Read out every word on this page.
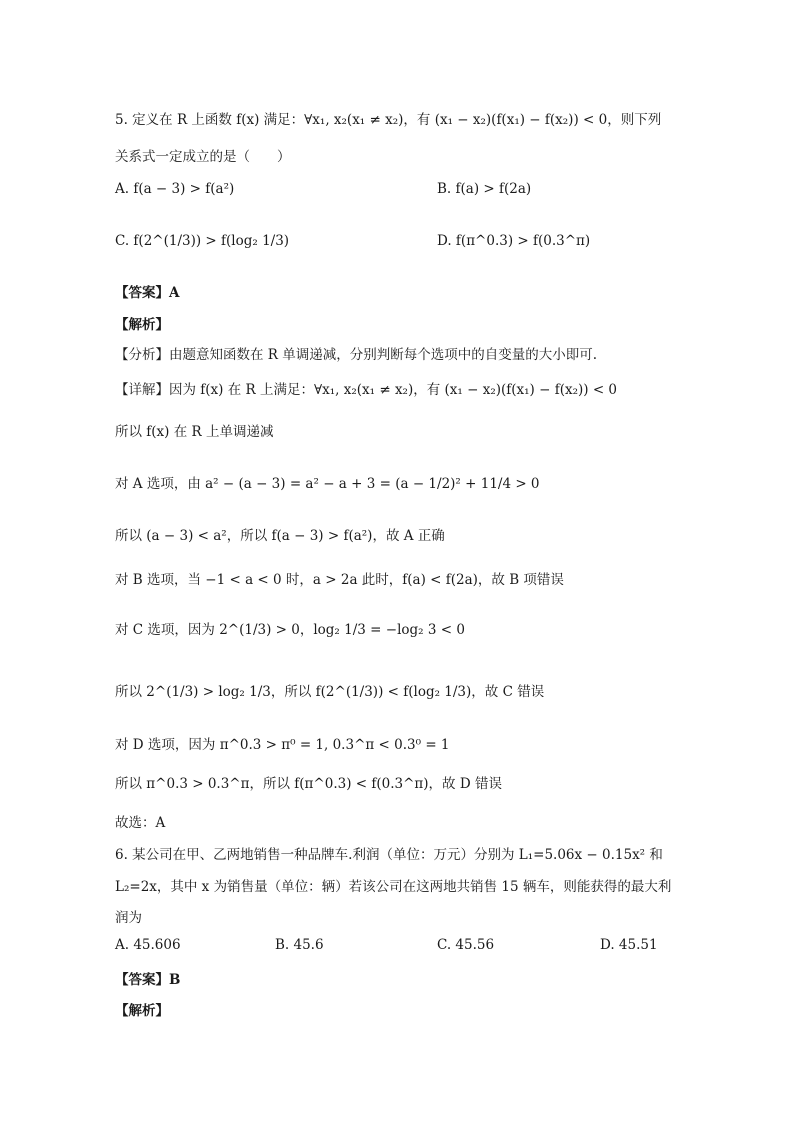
5. 定义在 R 上函数 f(x) 满足：∀x₁, x₂(x₁ ≠ x₂)，有 (x₁ − x₂)(f(x₁) − f(x₂)) < 0，则下列
关系式一定成立的是（　　）
A. f(a − 3) > f(a²)	B. f(a) > f(2a)
C. f(2^(1/3)) > f(log₂ 1/3)	D. f(π^0.3) > f(0.3^π)
【答案】A
【解析】
【分析】由题意知函数在 R 单调递减，分别判断每个选项中的自变量的大小即可.
【详解】因为 f(x) 在 R 上满足：∀x₁, x₂(x₁ ≠ x₂)，有 (x₁ − x₂)(f(x₁) − f(x₂)) < 0
所以 f(x) 在 R 上单调递减
对 A 选项，由 a² − (a − 3) = a² − a + 3 = (a − 1/2)² + 11/4 > 0
所以 (a − 3) < a²，所以 f(a − 3) > f(a²)，故 A 正确
对 B 选项，当 −1 < a < 0 时，a > 2a 此时，f(a) < f(2a)，故 B 项错误
对 C 选项，因为 2^(1/3) > 0，log₂ 1/3 = −log₂ 3 < 0
所以 2^(1/3) > log₂ 1/3，所以 f(2^(1/3)) < f(log₂ 1/3)，故 C 错误
对 D 选项，因为 π^0.3 > π⁰ = 1, 0.3^π < 0.3⁰ = 1
所以 π^0.3 > 0.3^π，所以 f(π^0.3) < f(0.3^π)，故 D 错误
故选：A
6. 某公司在甲、乙两地销售一种品牌车.利润（单位：万元）分别为 L₁=5.06x − 0.15x² 和
L₂=2x，其中 x 为销售量（单位：辆）若该公司在这两地共销售 15 辆车，则能获得的最大利
润为
A. 45.606	B. 45.6	C. 45.56	D. 45.51
【答案】B
【解析】
